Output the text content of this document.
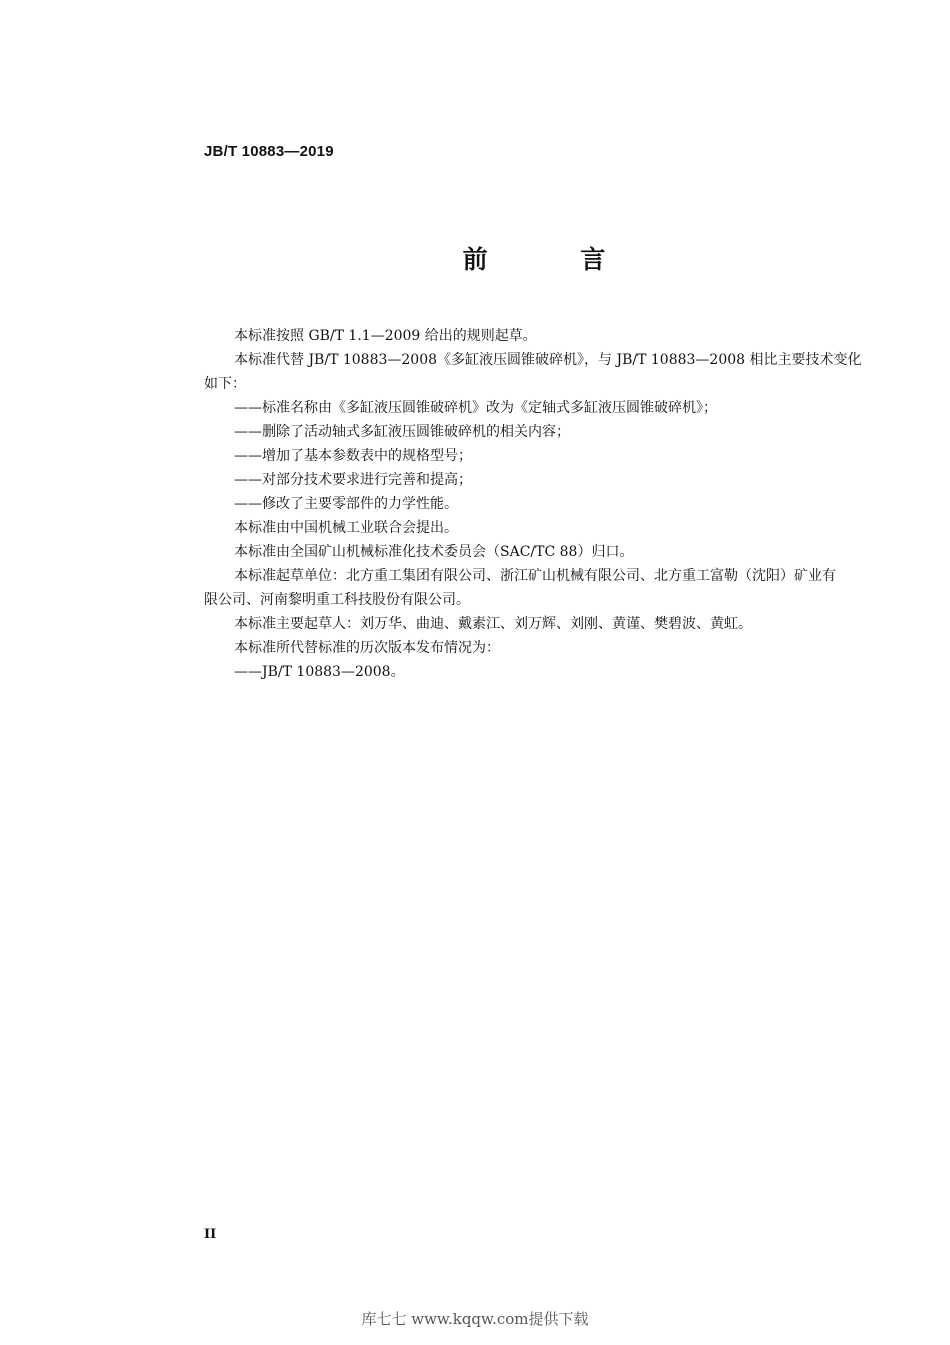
JB/T 10883—2019
前 言
本标准按照 GB/T 1.1—2009 给出的规则起草。
本标准代替 JB/T 10883—2008《多缸液压圆锥破碎机》，与 JB/T 10883—2008 相比主要技术变化
如下：
——标准名称由《多缸液压圆锥破碎机》改为《定轴式多缸液压圆锥破碎机》；
——删除了活动轴式多缸液压圆锥破碎机的相关内容；
——增加了基本参数表中的规格型号；
——对部分技术要求进行完善和提高；
——修改了主要零部件的力学性能。
本标准由中国机械工业联合会提出。
本标准由全国矿山机械标准化技术委员会（SAC/TC 88）归口。
本标准起草单位：北方重工集团有限公司、浙江矿山机械有限公司、北方重工富勒（沈阳）矿业有
限公司、河南黎明重工科技股份有限公司。
本标准主要起草人：刘万华、曲迪、戴素江、刘万辉、刘刚、黄谨、樊碧波、黄虹。
本标准所代替标准的历次版本发布情况为：
——JB/T 10883—2008。
II
库七七 www.kqqw.com提供下载
